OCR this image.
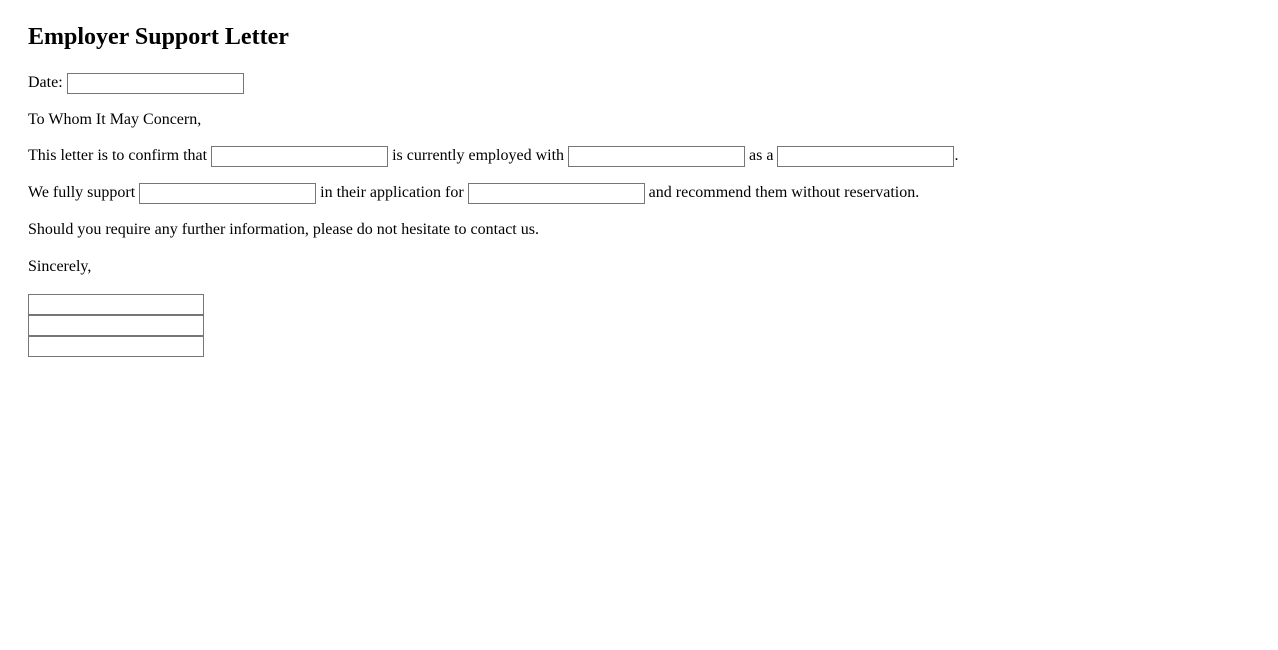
Employer Support Letter

Date:

To Whom It May Concern,

This letter is to confirm that	is currently employed with	as a	.

We fully support	in their application for	and recommend them without reservation.

Should you require any further information, please do not hesitate to contact us.

Sincerely,
